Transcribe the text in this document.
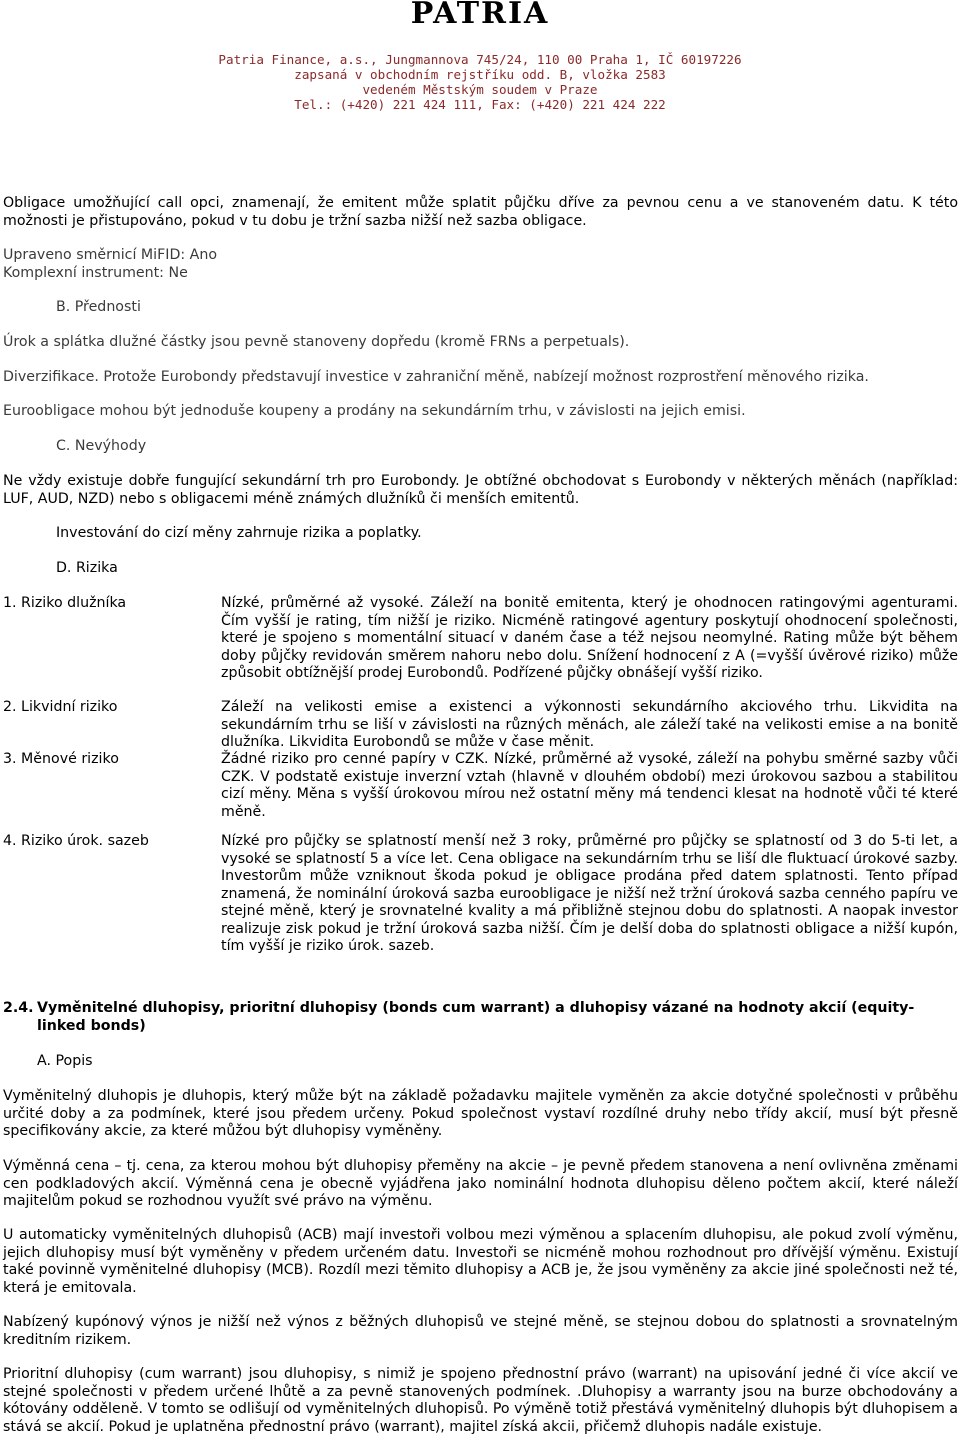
PATRIA
Patria Finance, a.s., Jungmannova 745/24, 110 00 Praha 1, IČ 60197226
zapsaná v obchodním rejstříku odd. B, vložka 2583
vedeném Městským soudem v Praze
Tel.: (+420) 221 424 111, Fax: (+420) 221 424 222
Obligace umožňující call opci, znamenají, že emitent může splatit půjčku dříve za pevnou cenu a ve stanoveném datu. K této možnosti je přistupováno, pokud v tu dobu je tržní sazba nižší než sazba obligace.
Upraveno směrnicí MiFID: Ano
Komplexní instrument: Ne
B. Přednosti
Úrok a splátka dlužné částky jsou pevně stanoveny dopředu (kromě FRNs a perpetuals).
Diverzifikace. Protože Eurobondy představují investice v zahraniční měně, nabízejí možnost rozprostření měnového rizika.
Euroobligace mohou být jednoduše koupeny a prodány na sekundárním trhu, v závislosti na jejich emisi.
C. Nevýhody
Ne vždy existuje dobře fungující sekundární trh pro Eurobondy. Je obtížné obchodovat s Eurobondy v některých měnách (například: LUF, AUD, NZD) nebo s obligacemi méně známých dlužníků či menších emitentů.
Investování do cizí měny zahrnuje rizika a poplatky.
D. Rizika
1. Riziko dlužníka	Nízké, průměrné až vysoké. Záleží na bonitě emitenta, který je ohodnocen ratingovými agenturami. Čím vyšší je rating, tím nižší je riziko. Nicméně ratingové agentury poskytují ohodnocení společnosti, které je spojeno s momentální situací v daném čase a též nejsou neomylné. Rating může být během doby půjčky revidován směrem nahoru nebo dolu. Snížení hodnocení z A (=vyšší úvěrové riziko) může způsobit obtížnější prodej Eurobondů. Podřízené půjčky obnášejí vyšší riziko.
2. Likvidní riziko	Záleží na velikosti emise a existenci a výkonnosti sekundárního akciového trhu. Likvidita na sekundárním trhu se liší v závislosti na různých měnách, ale záleží také na velikosti emise a na bonitě dlužníka. Likvidita Eurobondů se může v čase měnit.
3. Měnové riziko	Žádné riziko pro cenné papíry v CZK. Nízké, průměrné až vysoké, záleží na pohybu směrné sazby vůči CZK. V podstatě existuje inverzní vztah (hlavně v dlouhém období) mezi úrokovou sazbou a stabilitou cizí měny. Měna s vyšší úrokovou mírou než ostatní měny má tendenci klesat na hodnotě vůči té které měně.
4. Riziko úrok. sazeb	Nízké pro půjčky se splatností menší než 3 roky, průměrné pro půjčky se splatností od 3 do 5-ti let, a vysoké se splatností 5 a více let. Cena obligace na sekundárním trhu se liší dle fluktuací úrokové sazby. Investorům může vzniknout škoda pokud je obligace prodána před datem splatnosti. Tento případ znamená, že nominální úroková sazba euroobligace je nižší než tržní úroková sazba cenného papíru ve stejné měně, který je srovnatelné kvality a má přibližně stejnou dobu do splatnosti. A naopak investor realizuje zisk pokud je tržní úroková sazba nižší. Čím je delší doba do splatnosti obligace a nižší kupón, tím vyšší je riziko úrok. sazeb.
2.4. Vyměnitelné dluhopisy, prioritní dluhopisy (bonds cum warrant) a dluhopisy vázané na hodnoty akcií (equity-linked bonds)
A. Popis
Vyměnitelný dluhopis je dluhopis, který může být na základě požadavku majitele vyměněn za akcie dotyčné společnosti v průběhu určité doby a za podmínek, které jsou předem určeny. Pokud společnost vystaví rozdílné druhy nebo třídy akcií, musí být přesně specifikovány akcie, za které můžou být dluhopisy vyměněny.
Výměnná cena – tj. cena, za kterou mohou být dluhopisy přeměny na akcie – je pevně předem stanovena a není ovlivněna změnami cen podkladových akcií. Výměnná cena je obecně vyjádřena jako nominální hodnota dluhopisu děleno počtem akcií, které náleží majitelům pokud se rozhodnou využít své právo na výměnu.
U automaticky vyměnitelných dluhopisů (ACB) mají investoři volbou mezi výměnou a splacením dluhopisu, ale pokud zvolí výměnu, jejich dluhopisy musí být vyměněny v předem určeném datu. Investoři se nicméně mohou rozhodnout pro dřívější výměnu. Existují také povinně vyměnitelné dluhopisy (MCB). Rozdíl mezi těmito dluhopisy a ACB je, že jsou vyměněny za akcie jiné společnosti než té, která je emitovala.
Nabízený kupónový výnos je nižší než výnos z běžných dluhopisů ve stejné měně, se stejnou dobou do splatnosti a srovnatelným kreditním rizikem.
Prioritní dluhopisy (cum warrant) jsou dluhopisy, s nimiž je spojeno přednostní právo (warrant) na upisování jedné či více akcií ve stejné společnosti v předem určené lhůtě a za pevně stanovených podmínek. .Dluhopisy a warranty jsou na burze obchodovány a kótovány odděleně. V tomto se odlišují od vyměnitelných dluhopisů. Po výměně totiž přestává vyměnitelný dluhopis být dluhopisem a stává se akcií. Pokud je uplatněna přednostní právo (warrant), majitel získá akcii, přičemž dluhopis nadále existuje.
